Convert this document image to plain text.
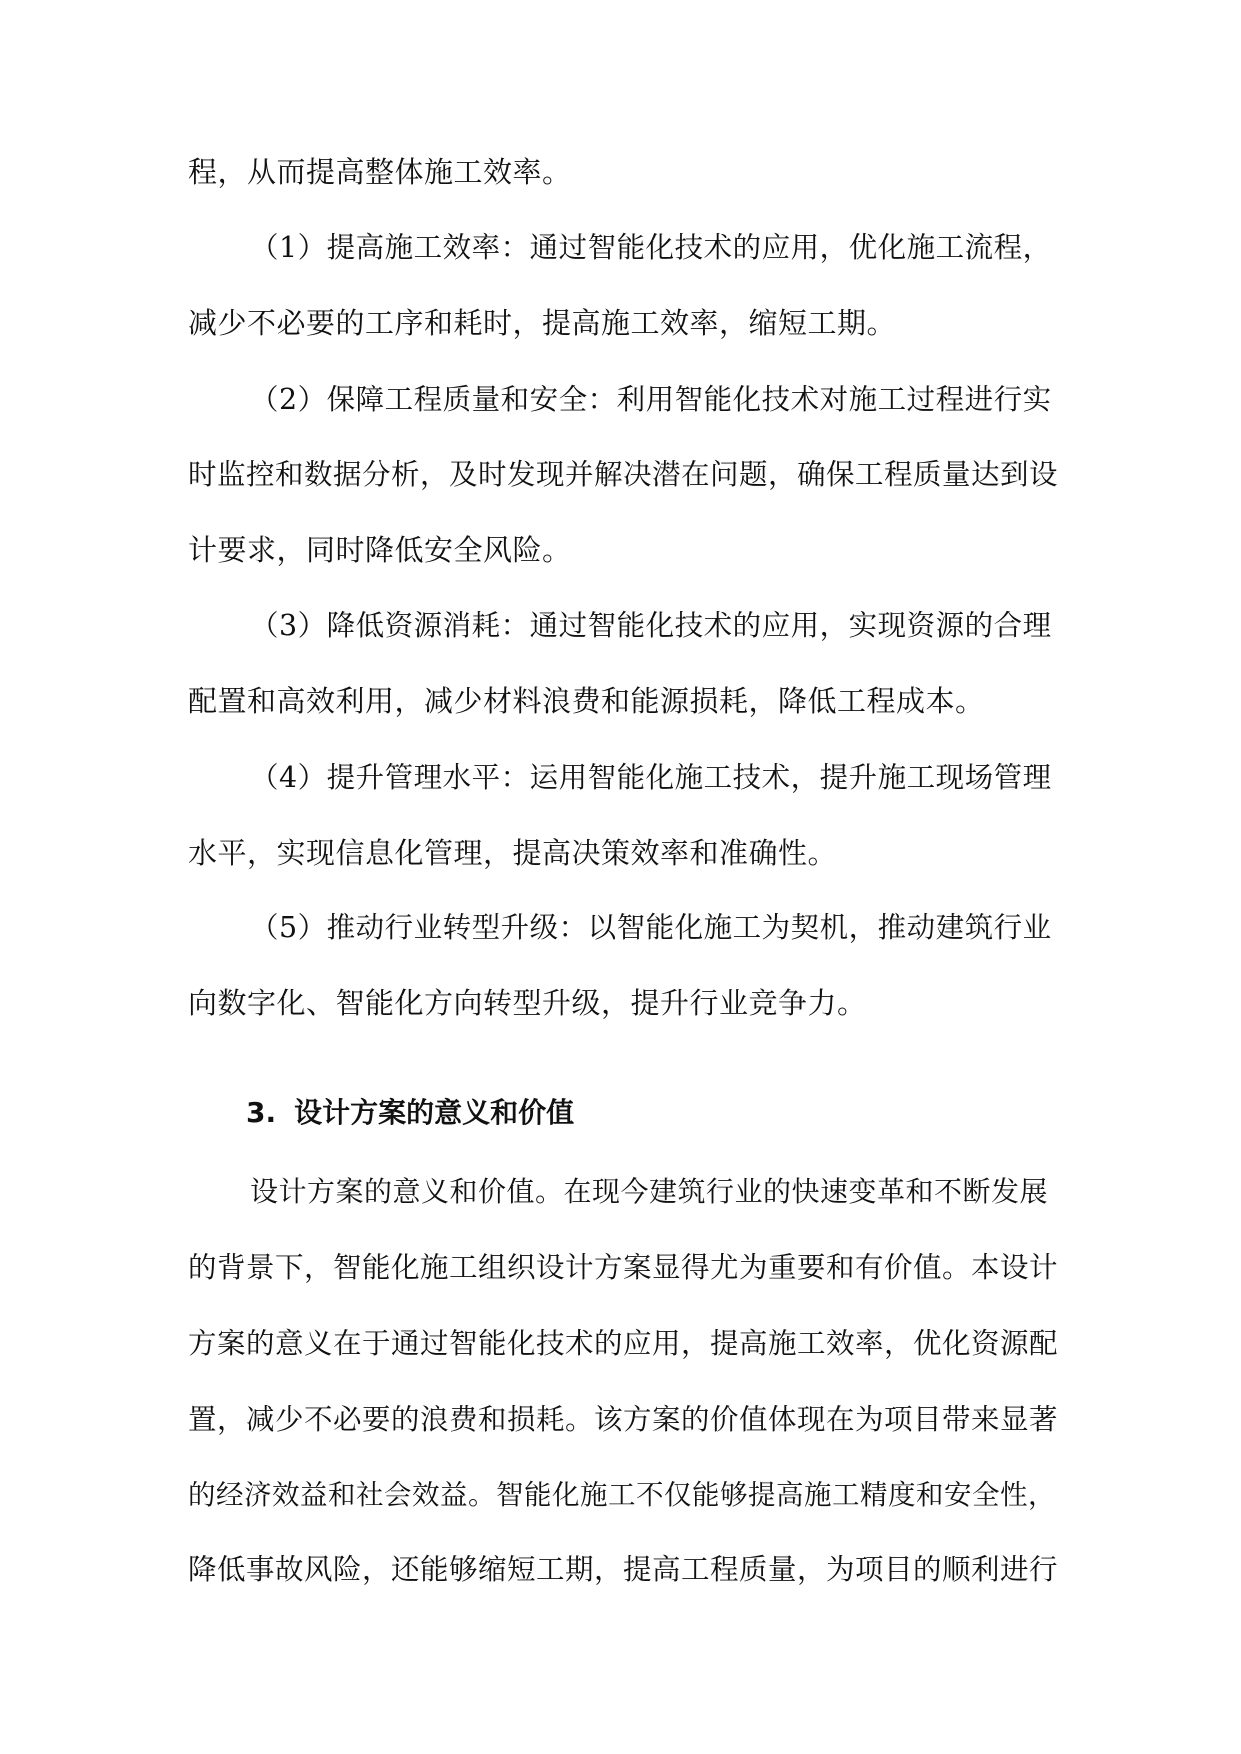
程，从而提高整体施工效率。
（1）提高施工效率：通过智能化技术的应用，优化施工流程，
减少不必要的工序和耗时，提高施工效率，缩短工期。
（2）保障工程质量和安全：利用智能化技术对施工过程进行实
时监控和数据分析，及时发现并解决潜在问题，确保工程质量达到设
计要求，同时降低安全风险。
（3）降低资源消耗：通过智能化技术的应用，实现资源的合理
配置和高效利用，减少材料浪费和能源损耗，降低工程成本。
（4）提升管理水平：运用智能化施工技术，提升施工现场管理
水平，实现信息化管理，提高决策效率和准确性。
（5）推动行业转型升级：以智能化施工为契机，推动建筑行业
向数字化、智能化方向转型升级，提升行业竞争力。
3. 设计方案的意义和价值
设计方案的意义和价值。在现今建筑行业的快速变革和不断发展
的背景下，智能化施工组织设计方案显得尤为重要和有价值。本设计
方案的意义在于通过智能化技术的应用，提高施工效率，优化资源配
置，减少不必要的浪费和损耗。该方案的价值体现在为项目带来显著
的经济效益和社会效益。智能化施工不仅能够提高施工精度和安全性，
降低事故风险，还能够缩短工期，提高工程质量，为项目的顺利进行
